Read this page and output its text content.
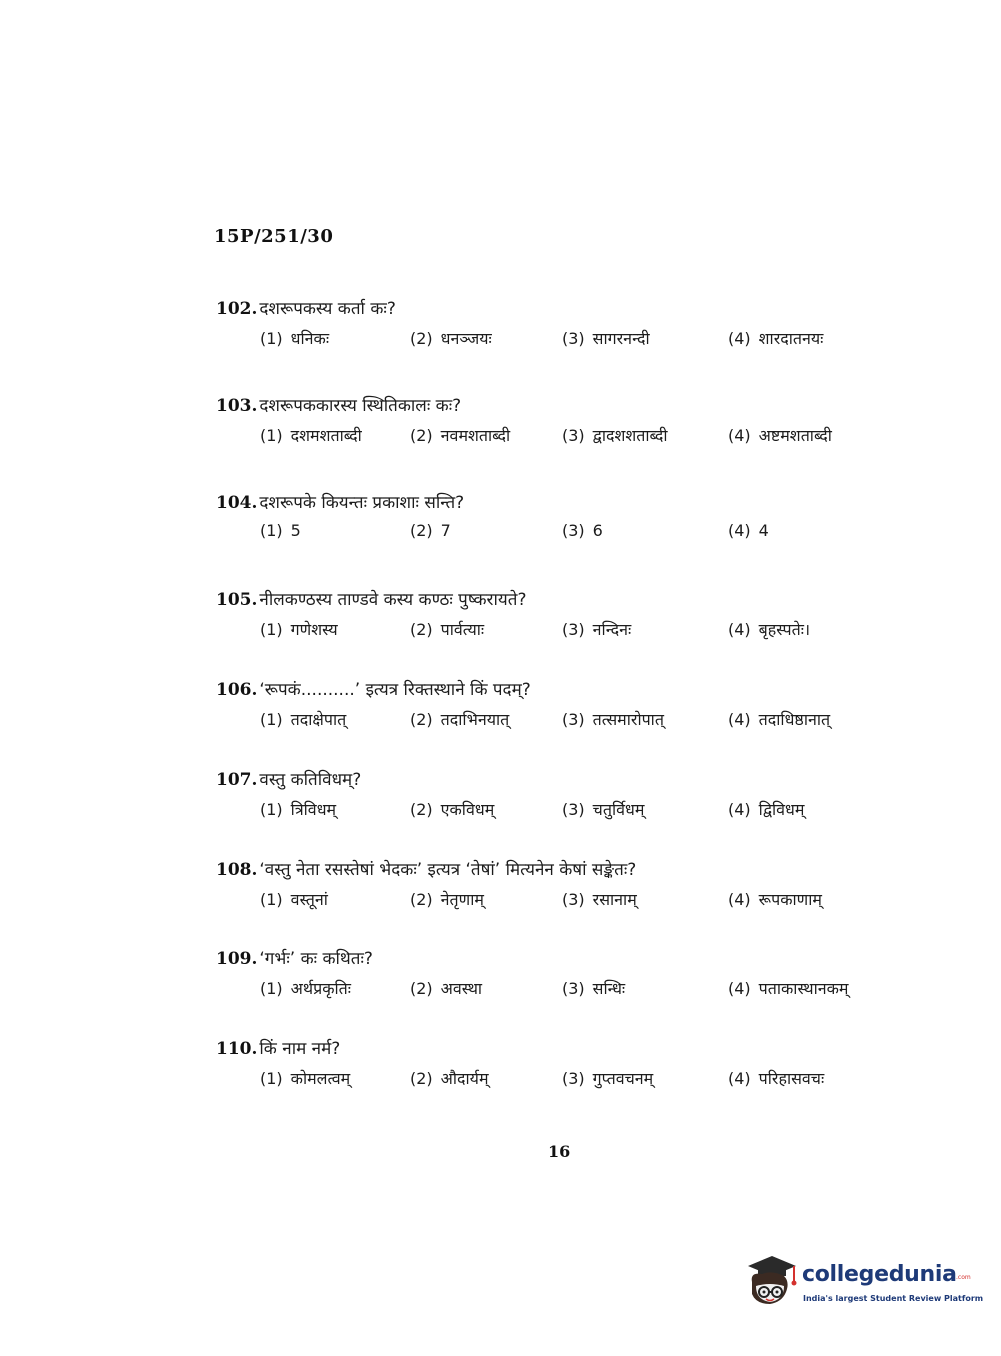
15P/251/30
102. दशरूपकस्य कर्ता कः?
(1) धनिकः	(2) धनञ्जयः	(3) सागरनन्दी	(4) शारदातनयः
103. दशरूपककारस्य स्थितिकालः कः?
(1) दशमशताब्दी	(2) नवमशताब्दी	(3) द्वादशशताब्दी	(4) अष्टमशताब्दी
104. दशरूपके कियन्तः प्रकाशाः सन्ति?
(1) 5	(2) 7	(3) 6	(4) 4
105. नीलकण्ठस्य ताण्डवे कस्य कण्ठः पुष्करायते?
(1) गणेशस्य	(2) पार्वत्याः	(3) नन्दिनः	(4) बृहस्पतेः।
106. ‘रूपकं..........’ इत्यत्र रिक्तस्थाने किं पदम्?
(1) तदाक्षेपात्	(2) तदाभिनयात्	(3) तत्समारोपात्	(4) तदाधिष्ठानात्
107. वस्तु कतिविधम्?
(1) त्रिविधम्	(2) एकविधम्	(3) चतुर्विधम्	(4) द्विविधम्
108. ‘वस्तु नेता रसस्तेषां भेदकः’ इत्यत्र ‘तेषां’ मित्यनेन केषां सङ्केतः?
(1) वस्तूनां	(2) नेतृणाम्	(3) रसानाम्	(4) रूपकाणाम्
109. ‘गर्भः’ कः कथितः?
(1) अर्थप्रकृतिः	(2) अवस्था	(3) सन्धिः	(4) पताकास्थानकम्
110. किं नाम नर्म?
(1) कोमलत्वम्	(2) औदार्यम्	(3) गुप्तवचनम्	(4) परिहासवचः
16
collegedunia .com
India's largest Student Review Platform
